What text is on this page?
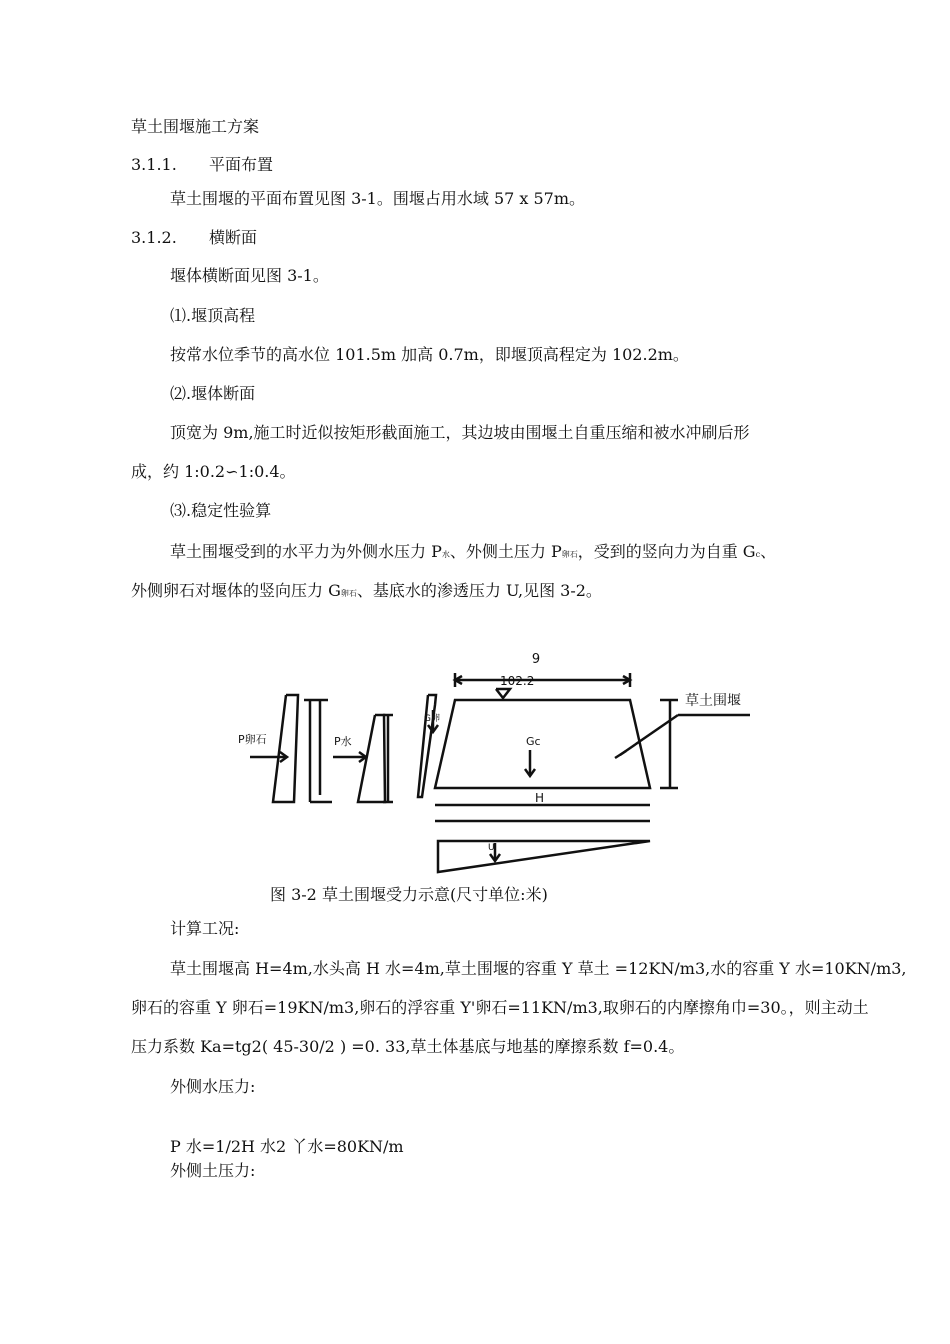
草土围堰施工方案
3.1.1. 平面布置
草土围堰的平面布置见图 3-1。围堰占用水域 57 x 57m。
3.1.2. 横断面
堰体横断面见图 3-1。
⑴.堰顶高程
按常水位季节的高水位 101.5m 加高 0.7m，即堰顶高程定为 102.2m。
⑵.堰体断面
顶宽为 9m,施工时近似按矩形截面施工，其边坡由围堰土自重压缩和被水冲刷后形
成，约 1:0.2∽1:0.4。
⑶.稳定性验算
草土围堰受到的水平力为外侧水压力 P水、外侧土压力 P卵石，受到的竖向力为自重 Gc、
外侧卵石对堰体的竖向压力 G卵石、基底水的渗透压力 U,见图 3-2。
9
102.2
草土围堰
P卵石	P水
G卵
Gc
H
U
图 3-2 草土围堰受力示意(尺寸单位:米)
计算工况:
草土围堰高 H=4m,水头高 H 水=4m,草土围堰的容重 Y 草土 =12KN/m3,水的容重 Y 水=10KN/m3,
卵石的容重 Y 卵石=19KN/m3,卵石的浮容重 Y'卵石=11KN/m3,取卵石的内摩擦角巾=30。，则主动土
压力系数 Ka=tg2( 45-30/2 ) =0. 33,草土体基底与地基的摩擦系数 f=0.4。
外侧水压力:
P 水=1/2H 水2 丫水=80KN/m
外侧土压力:
